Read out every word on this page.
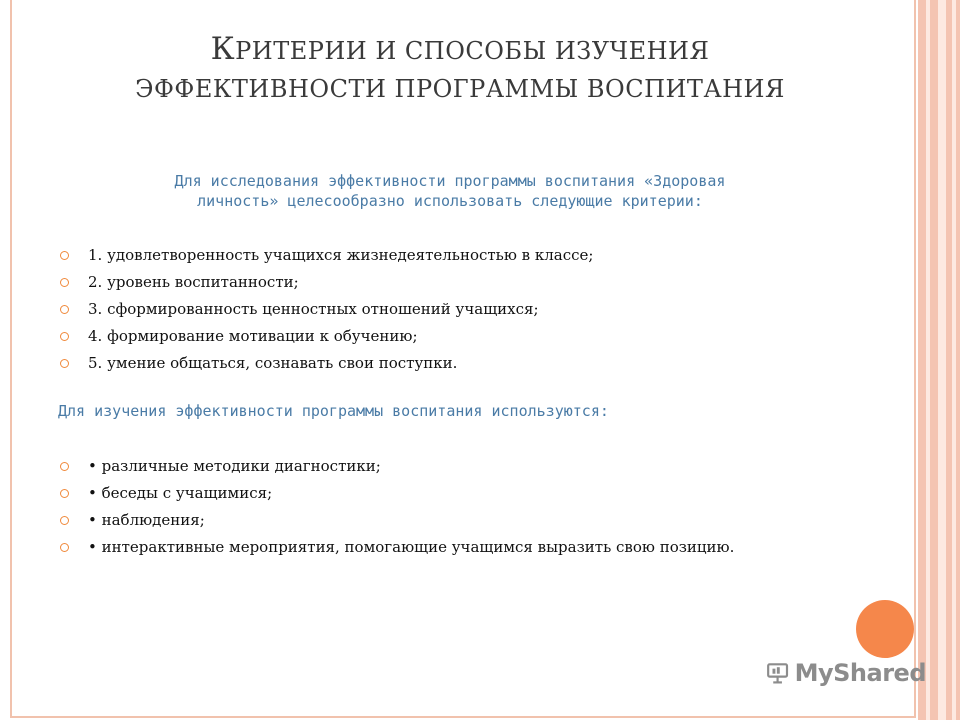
КРИТЕРИИ И СПОСОБЫ ИЗУЧЕНИЯ
ЭФФЕКТИВНОСТИ ПРОГРАММЫ ВОСПИТАНИЯ
Для исследования эффективности программы воспитания «Здоровая
личность» целесообразно использовать следующие критерии:
1. удовлетворенность учащихся жизнедеятельностью в классе;
2. уровень воспитанности;
3. сформированность ценностных отношений учащихся;
4. формирование мотивации к обучению;
5. умение общаться, сознавать свои поступки.
Для изучения эффективности программы воспитания используются:
• различные методики диагностики;
• беседы с учащимися;
• наблюдения;
• интерактивные мероприятия, помогающие учащимся выразить свою позицию.
MyShared
